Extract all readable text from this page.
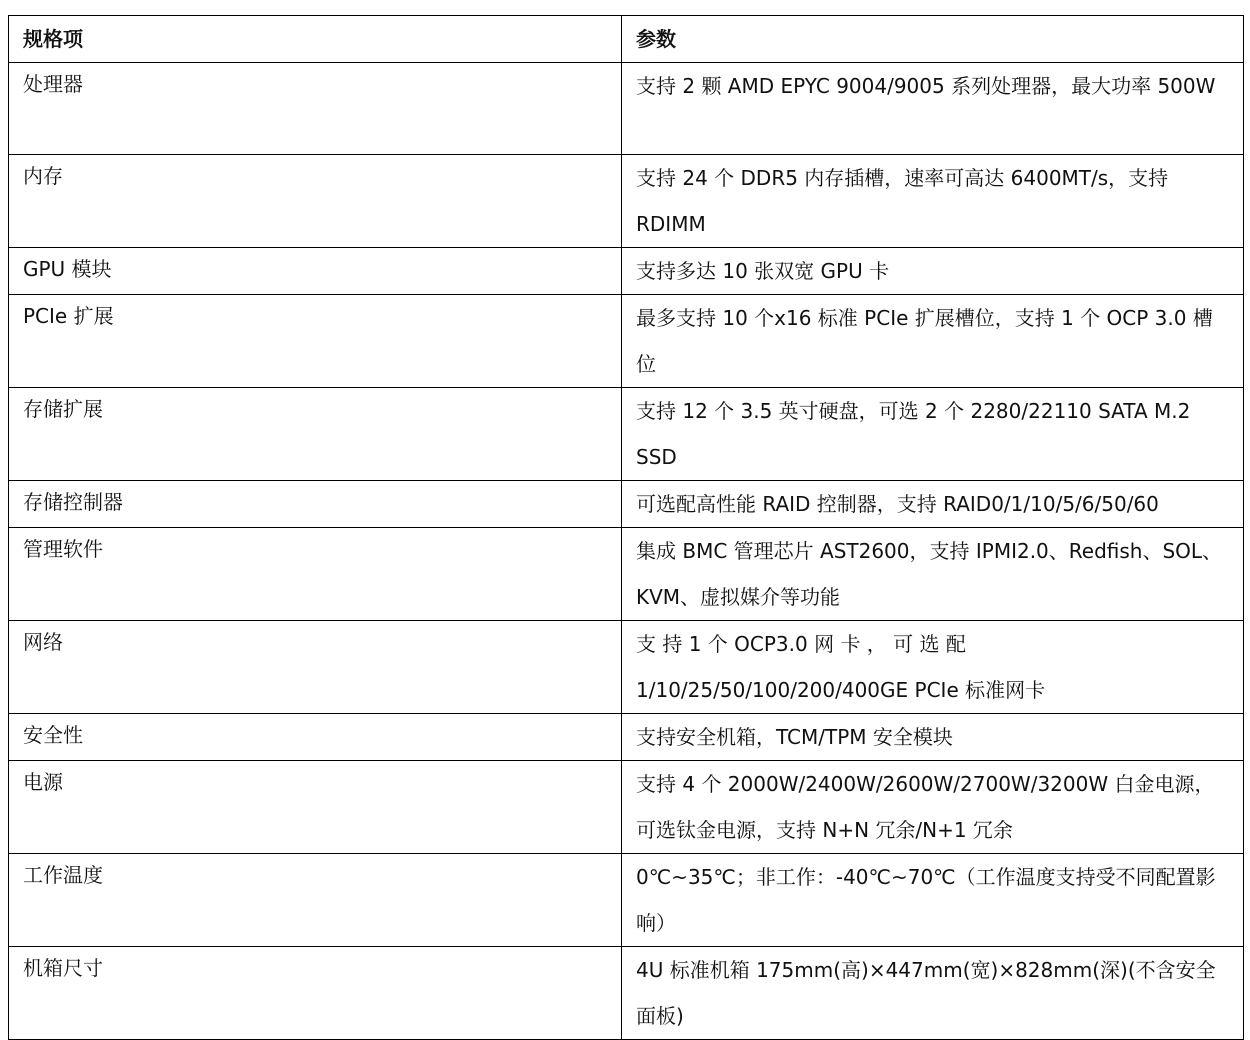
规格项	参数
处理器	支持 2 颗 AMD EPYC 9004/9005 系列处理器，最大功率 500W
内存	支持 24 个 DDR5 内存插槽，速率可高达 6400MT/s，支持 RDIMM
GPU 模块	支持多达 10 张双宽 GPU 卡
PCIe 扩展	最多支持 10 个x16 标准 PCIe 扩展槽位，支持 1 个 OCP 3.0 槽位
存储扩展	支持 12 个 3.5 英寸硬盘，可选 2 个 2280/22110 SATA M.2 SSD
存储控制器	可选配高性能 RAID 控制器，支持 RAID0/1/10/5/6/50/60
管理软件	集成 BMC 管理芯片 AST2600，支持 IPMI2.0、Redfish、SOL、KVM、虚拟媒介等功能
网络	支 持 1 个 OCP3.0 网 卡 ， 可 选 配 1/10/25/50/100/200/400GE PCIe 标准网卡
安全性	支持安全机箱，TCM/TPM 安全模块
电源	支持 4 个 2000W/2400W/2600W/2700W/3200W 白金电源，可选钛金电源，支持 N+N 冗余/N+1 冗余
工作温度	0℃~35℃；非工作：-40℃~70℃（工作温度支持受不同配置影响）
机箱尺寸	4U 标准机箱 175mm(高)×447mm(宽)×828mm(深)(不含安全面板)
